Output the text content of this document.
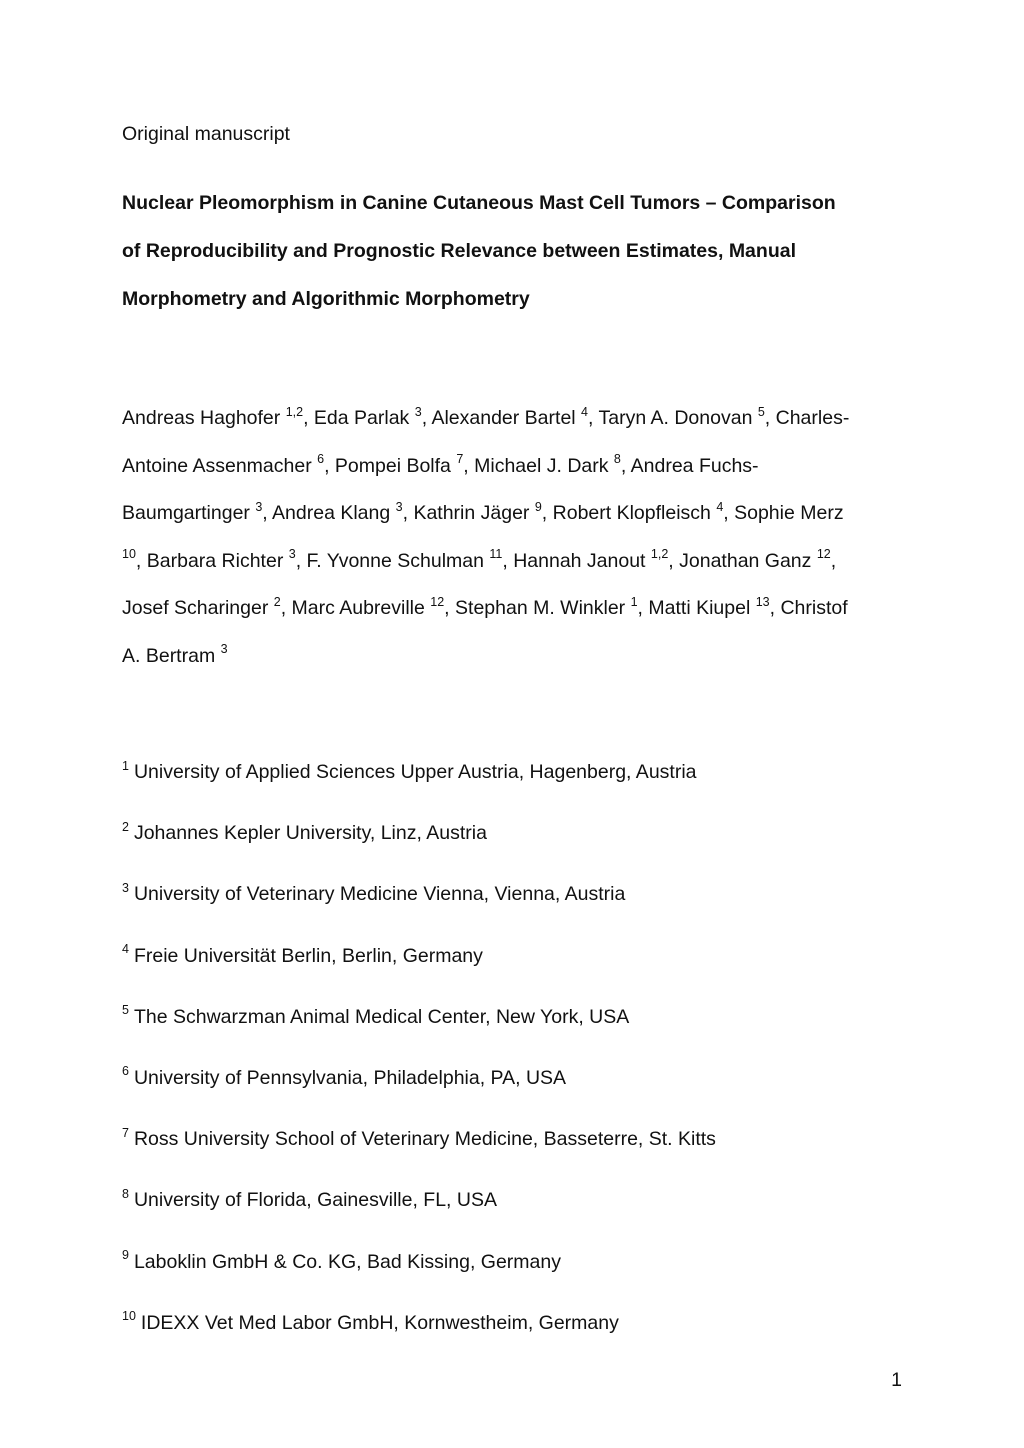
Original manuscript

Nuclear Pleomorphism in Canine Cutaneous Mast Cell Tumors – Comparison
of Reproducibility and Prognostic Relevance between Estimates, Manual
Morphometry and Algorithmic Morphometry
Andreas Haghofer $^{1,2}$, Eda Parlak $^3$, Alexander Bartel $^4$, Taryn A. Donovan $^5$, Charles-
Antoine Assenmacher $^6$, Pompei Bolfa $^7$, Michael J. Dark $^8$, Andrea Fuchs-
Baumgartinger $^3$, Andrea Klang $^3$, Kathrin Jäger $^9$, Robert Klopfleisch $^4$, Sophie Merz
$^{10}$, Barbara Richter $^3$, F. Yvonne Schulman $^{11}$, Hannah Janout $^{1,2}$, Jonathan Ganz $^{12}$,
Josef Scharinger $^2$, Marc Aubreville $^{12}$, Stephan M. Winkler $^1$, Matti Kiupel $^{13}$, Christof
A. Bertram $^3$
$^1$ University of Applied Sciences Upper Austria, Hagenberg, Austria
$^2$ Johannes Kepler University, Linz, Austria
$^3$ University of Veterinary Medicine Vienna, Vienna, Austria
$^4$ Freie Universität Berlin, Berlin, Germany
$^5$ The Schwarzman Animal Medical Center, New York, USA
$^6$ University of Pennsylvania, Philadelphia, PA, USA
$^7$ Ross University School of Veterinary Medicine, Basseterre, St. Kitts
$^8$ University of Florida, Gainesville, FL, USA
$^9$ Laboklin GmbH & Co. KG, Bad Kissing, Germany
$^{10}$ IDEXX Vet Med Labor GmbH, Kornwestheim, Germany
1
